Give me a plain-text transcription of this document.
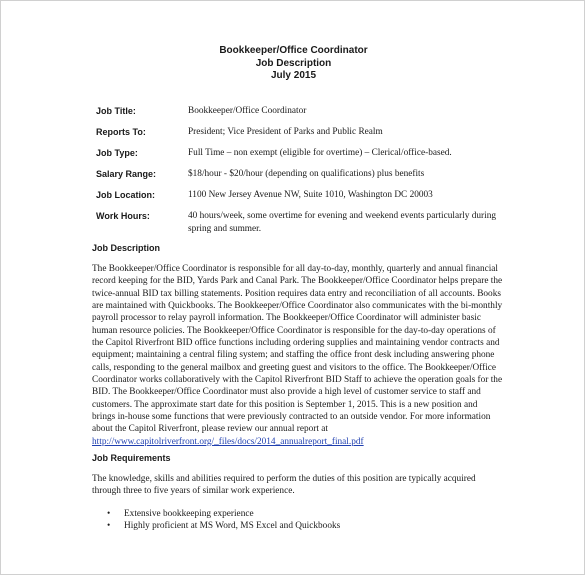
Bookkeeper/Office Coordinator
Job Description
July 2015
Job Title:	Bookkeeper/Office Coordinator
Reports To:	President; Vice President of Parks and Public Realm
Job Type:	Full Time – non exempt (eligible for overtime) – Clerical/office-based.
Salary Range:	$18/hour - $20/hour (depending on qualifications) plus benefits
Job Location:	1100 New Jersey Avenue NW, Suite 1010, Washington DC 20003
Work Hours:	40 hours/week, some overtime for evening and weekend events particularly during
spring and summer.
Job Description
The Bookkeeper/Office Coordinator is responsible for all day-to-day, monthly, quarterly and annual financial
record keeping for the BID, Yards Park and Canal Park. The Bookkeeper/Office Coordinator helps prepare the
twice-annual BID tax billing statements. Position requires data entry and reconciliation of all accounts. Books
are maintained with Quickbooks. The Bookkeeper/Office Coordinator also communicates with the bi-monthly
payroll processor to relay payroll information. The Bookkeeper/Office Coordinator will administer basic
human resource policies. The Bookkeeper/Office Coordinator is responsible for the day-to-day operations of
the Capitol Riverfront BID office functions including ordering supplies and maintaining vendor contracts and
equipment; maintaining a central filing system; and staffing the office front desk including answering phone
calls, responding to the general mailbox and greeting guest and visitors to the office. The Bookkeeper/Office
Coordinator works collaboratively with the Capitol Riverfront BID Staff to achieve the operation goals for the
BID. The Bookkeeper/Office Coordinator must also provide a high level of customer service to staff and
customers. The approximate start date for this position is September 1, 2015. This is a new position and
brings in-house some functions that were previously contracted to an outside vendor. For more information
about the Capitol Riverfront, please review our annual report at
http://www.capitolriverfront.org/_files/docs/2014_annualreport_final.pdf
Job Requirements
The knowledge, skills and abilities required to perform the duties of this position are typically acquired
through three to five years of similar work experience.
• Extensive bookkeeping experience
• Highly proficient at MS Word, MS Excel and Quickbooks
